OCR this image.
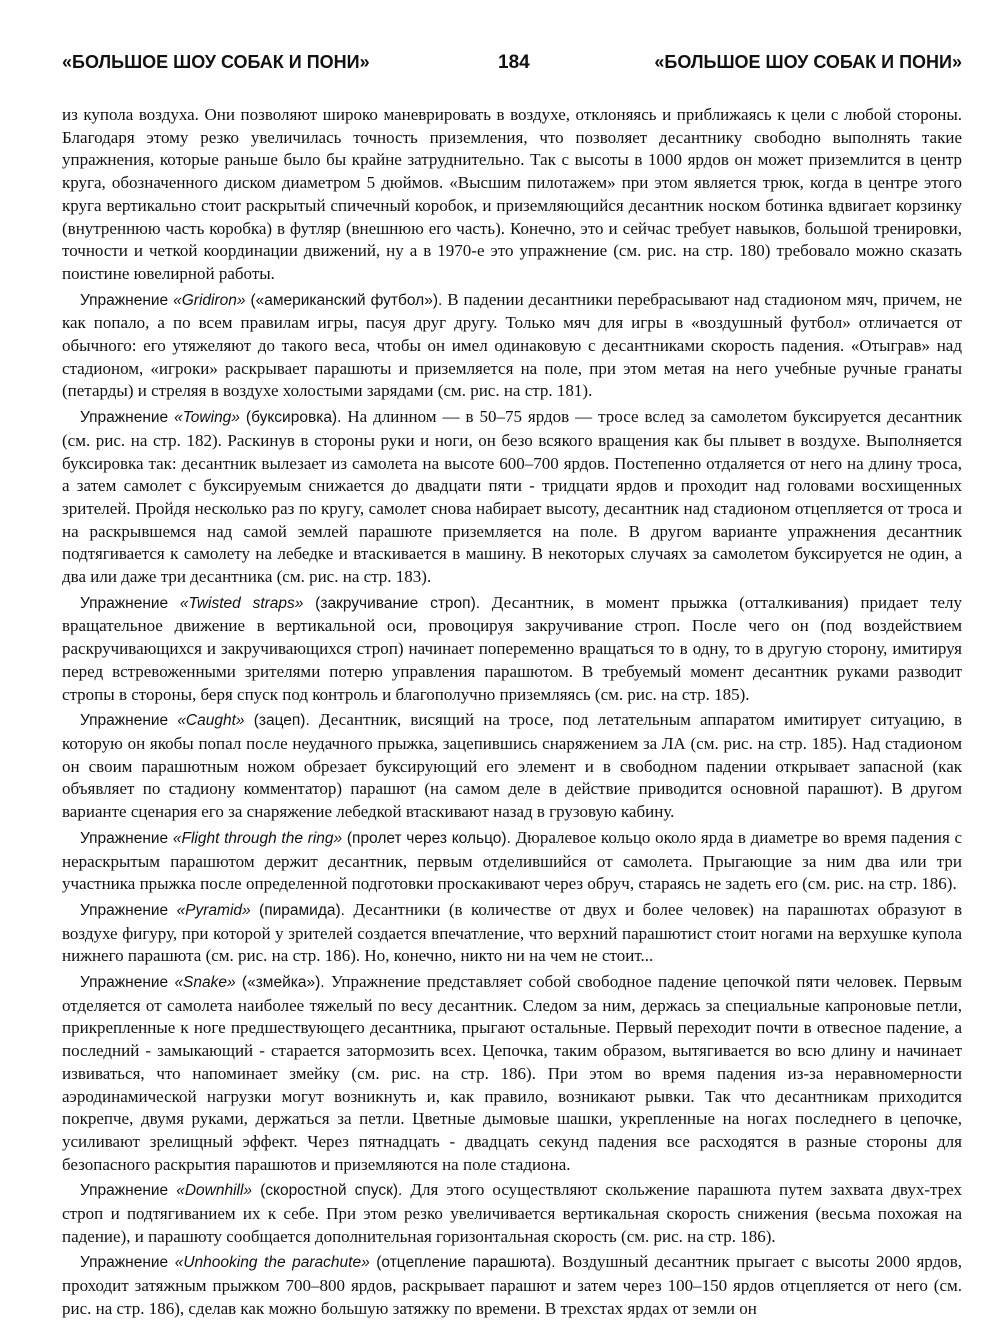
«БОЛЬШОЕ ШОУ СОБАК И ПОНИ»	184	«БОЛЬШОЕ ШОУ СОБАК И ПОНИ»

из купола воздуха. Они позволяют широко маневрировать в воздухе, отклоняясь и приближаясь к цели с любой стороны. Благодаря этому резко увеличилась точность приземления, что позволяет десантнику свободно выполнять такие упражнения, которые раньше было бы крайне затруднительно. Так с высоты в 1000 ярдов он может приземлится в центр круга, обозначенного диском диаметром 5 дюймов. «Высшим пилотажем» при этом является трюк, когда в центре этого круга вертикально стоит раскрытый спичечный коробок, и приземляющийся десантник носком ботинка вдвигает корзинку (внутреннюю часть коробка) в футляр (внешнюю его часть). Конечно, это и сейчас требует навыков, большой тренировки, точности и четкой координации движений, ну а в 1970-е это упражнение (см. рис. на стр. 180) требовало можно сказать поистине ювелирной работы.

Упражнение «Gridiron» («американский футбол»). В падении десантники перебрасывают над стадионом мяч, причем, не как попало, а по всем правилам игры, пасуя друг другу. Только мяч для игры в «воздушный футбол» отличается от обычного: его утяжеляют до такого веса, чтобы он имел одинаковую с десантниками скорость падения. «Отыграв» над стадионом, «игроки» раскрывает парашюты и приземляется на поле, при этом метая на него учебные ручные гранаты (петарды) и стреляя в воздухе холостыми зарядами (см. рис. на стр. 181).

Упражнение «Towing» (буксировка). На длинном — в 50–75 ярдов — тросе вслед за самолетом буксируется десантник (см. рис. на стр. 182). Раскинув в стороны руки и ноги, он безо всякого вращения как бы плывет в воздухе. Выполняется буксировка так: десантник вылезает из самолета на высоте 600–700 ярдов. Постепенно отдаляется от него на длину троса, а затем самолет с буксируемым снижается до двадцати пяти - тридцати ярдов и проходит над головами восхищенных зрителей. Пройдя несколько раз по кругу, самолет снова набирает высоту, десантник над стадионом отцепляется от троса и на раскрывшемся над самой землей парашюте приземляется на поле. В другом варианте упражнения десантник подтягивается к самолету на лебедке и втаскивается в машину. В некоторых случаях за самолетом буксируется не один, а два или даже три десантника (см. рис. на стр. 183).

Упражнение «Twisted straps» (закручивание строп). Десантник, в момент прыжка (отталкивания) придает телу вращательное движение в вертикальной оси, провоцируя закручивание строп. После чего он (под воздействием раскручивающихся и закручивающихся строп) начинает попеременно вращаться то в одну, то в другую сторону, имитируя перед встревоженными зрителями потерю управления парашютом. В требуемый момент десантник руками разводит стропы в стороны, беря спуск под контроль и благополучно приземляясь (см. рис. на стр. 185).

Упражнение «Caught» (зацеп). Десантник, висящий на тросе, под летательным аппаратом имитирует ситуацию, в которую он якобы попал после неудачного прыжка, зацепившись снаряжением за ЛА (см. рис. на стр. 185). Над стадионом он своим парашютным ножом обрезает буксирующий его элемент и в свободном падении открывает запасной (как объявляет по стадиону комментатор) парашют (на самом деле в действие приводится основной парашют). В другом варианте сценария его за снаряжение лебедкой втаскивают назад в грузовую кабину.

Упражнение «Flight through the ring» (пролет через кольцо). Дюралевое кольцо около ярда в диаметре во время падения с нераскрытым парашютом держит десантник, первым отделившийся от самолета. Прыгающие за ним два или три участника прыжка после определенной подготовки проскакивают через обруч, стараясь не задеть его (см. рис. на стр. 186).

Упражнение «Pyramid» (пирамида). Десантники (в количестве от двух и более человек) на парашютах образуют в воздухе фигуру, при которой у зрителей создается впечатление, что верхний парашютист стоит ногами на верхушке купола нижнего парашюта (см. рис. на стр. 186). Но, конечно, никто ни на чем не стоит...

Упражнение «Snake» («змейка»). Упражнение представляет собой свободное падение цепочкой пяти человек. Первым отделяется от самолета наиболее тяжелый по весу десантник. Следом за ним, держась за специальные капроновые петли, прикрепленные к ноге предшествующего десантника, прыгают остальные. Первый переходит почти в отвесное падение, а последний - замыкающий - старается затормозить всех. Цепочка, таким образом, вытягивается во всю длину и начинает извиваться, что напоминает змейку (см. рис. на стр. 186). При этом во время падения из-за неравномерности аэродинамической нагрузки могут возникнуть и, как правило, возникают рывки. Так что десантникам приходится покрепче, двумя руками, держаться за петли. Цветные дымовые шашки, укрепленные на ногах последнего в цепочке, усиливают зрелищный эффект. Через пятнадцать - двадцать секунд падения все расходятся в разные стороны для безопасного раскрытия парашютов и приземляются на поле стадиона.

Упражнение «Downhill» (скоростной спуск). Для этого осуществляют скольжение парашюта путем захвата двух-трех строп и подтягиванием их к себе. При этом резко увеличивается вертикальная скорость снижения (весьма похожая на падение), и парашюту сообщается дополнительная горизонтальная скорость (см. рис. на стр. 186).

Упражнение «Unhooking the parachute» (отцепление парашюта). Воздушный десантник прыгает с высоты 2000 ярдов, проходит затяжным прыжком 700–800 ярдов, раскрывает парашют и затем через 100–150 ярдов отцепляется от него (см. рис. на стр. 186), сделав как можно большую затяжку по времени. В трехстах ярдах от земли он
